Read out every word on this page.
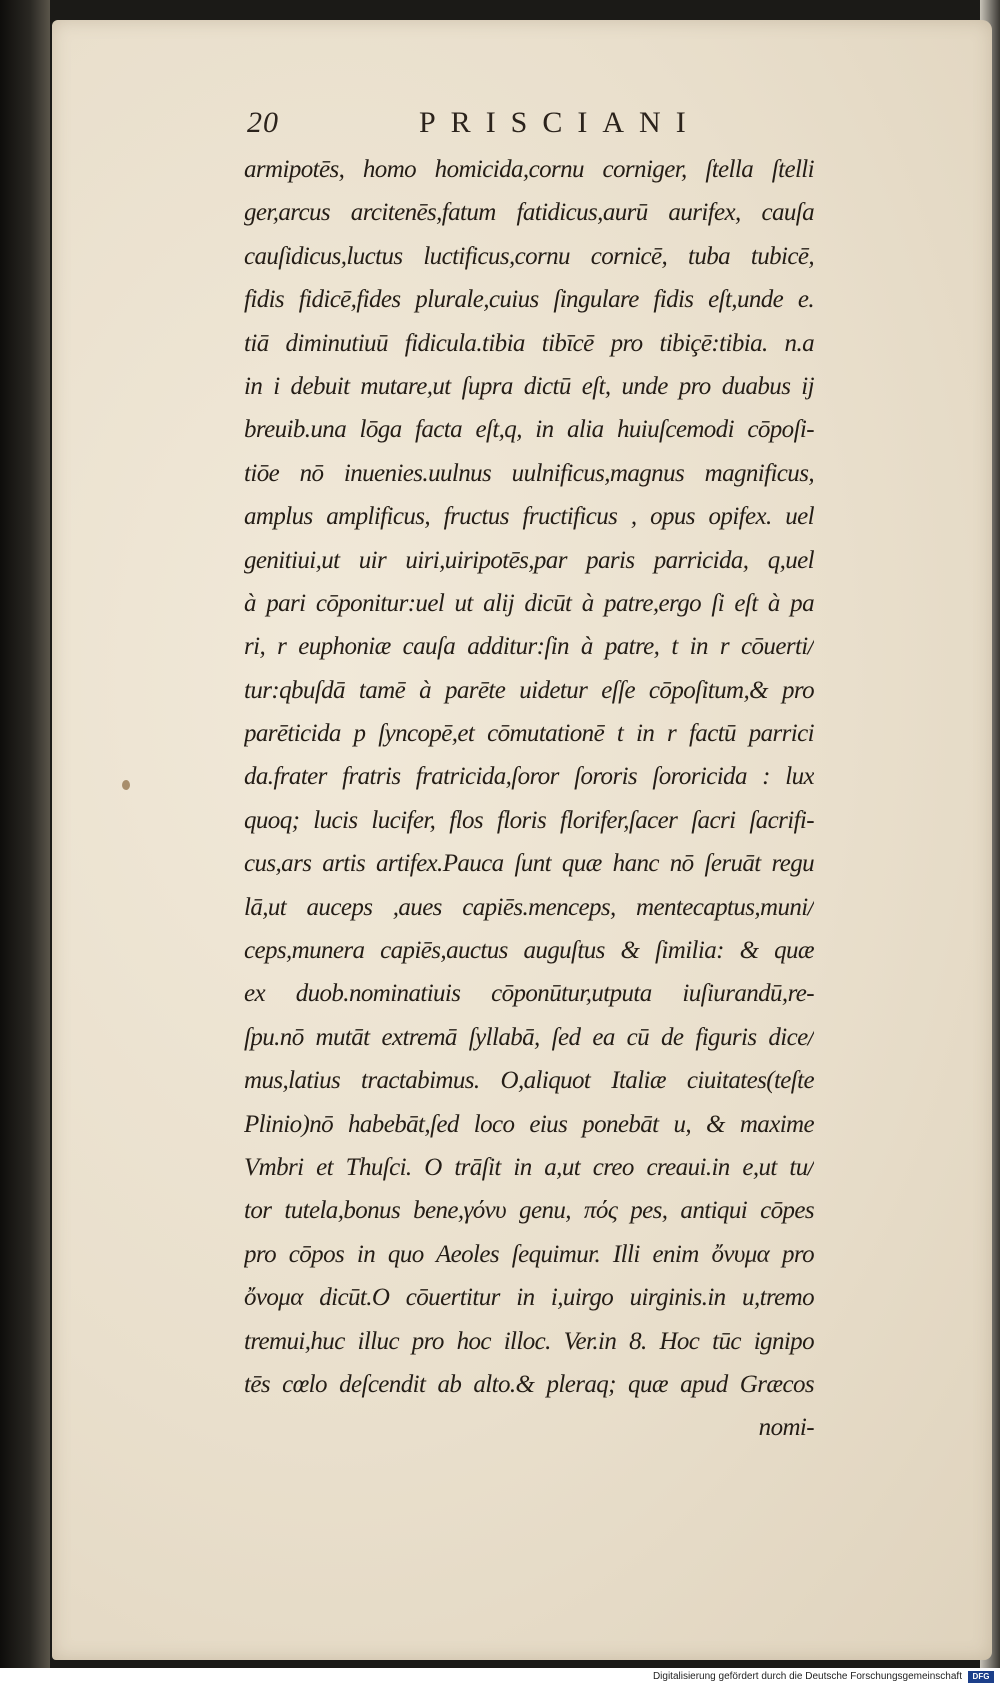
20	PRISCIANI
armipotēs, homo homicida,cornu corniger, ſtella ſtelli
ger,arcus arcitenēs,fatum fatidicus,aurū aurifex, cauſa
cauſidicus,luctus luctificus,cornu cornicē, tuba tubicē,
fidis fidicē,fides plurale,cuius ſingulare fidis eſt,unde e.
tiā diminutiuū fidicula.tibia tibīcē pro tibiçē:tibia. n.a
in i debuit mutare,ut ſupra dictū eſt, unde pro duabus ij
breuib.una lōga facta eſt,q, in alia huiuſcemodi cōpoſi-
tiōe nō inuenies.uulnus uulnificus,magnus magnificus,
amplus amplificus, fructus fructificus , opus opifex. uel
genitiui,ut uir uiri,uiripotēs,par paris parricida, q,uel
à pari cōponitur:uel ut alij dicūt à patre,ergo ſi eſt à pa
ri, r euphoniæ cauſa additur:ſin à patre, t in r cōuerti/
tur:qbuſdā tamē à parēte uidetur eſſe cōpoſitum,& pro
parēticida p ſyncopē,et cōmutationē t in r factū parrici
da.frater fratris fratricida,ſoror ſororis ſororicida : lux
quoq; lucis lucifer, flos floris florifer,ſacer ſacri ſacrifi-
cus,ars artis artifex.Pauca ſunt quæ hanc nō ſeruāt regu
lā,ut auceps ,aues capiēs.menceps, mentecaptus,muni/
ceps,munera capiēs,auctus auguſtus & ſimilia: & quæ
ex duob.nominatiuis cōponūtur,utputa iuſiurandū,re-
ſpu.nō mutāt extremā ſyllabā, ſed ea cū de figuris dice/
mus,latius tractabimus. O,aliquot Italiæ ciuitates(teſte
Plinio)nō habebāt,ſed loco eius ponebāt u, & maxime
Vmbri et Thuſci. O trāſit in a,ut creo creaui.in e,ut tu/
tor tutela,bonus bene,γόνυ genu, πός pes, antiqui cōpes
pro cōpos in quo Aeoles ſequimur. Illi enim ὄνυμα pro
ὄνομα dicūt.O cōuertitur in i,uirgo uirginis.in u,tremo
tremui,huc illuc pro hoc illoc. Ver.in 8. Hoc tūc ignipo
tēs cœlo deſcendit ab alto.& pleraq; quæ apud Græcos
nomi-
Digitalisierung gefördert durch die Deutsche Forschungsgemeinschaft	DFG
